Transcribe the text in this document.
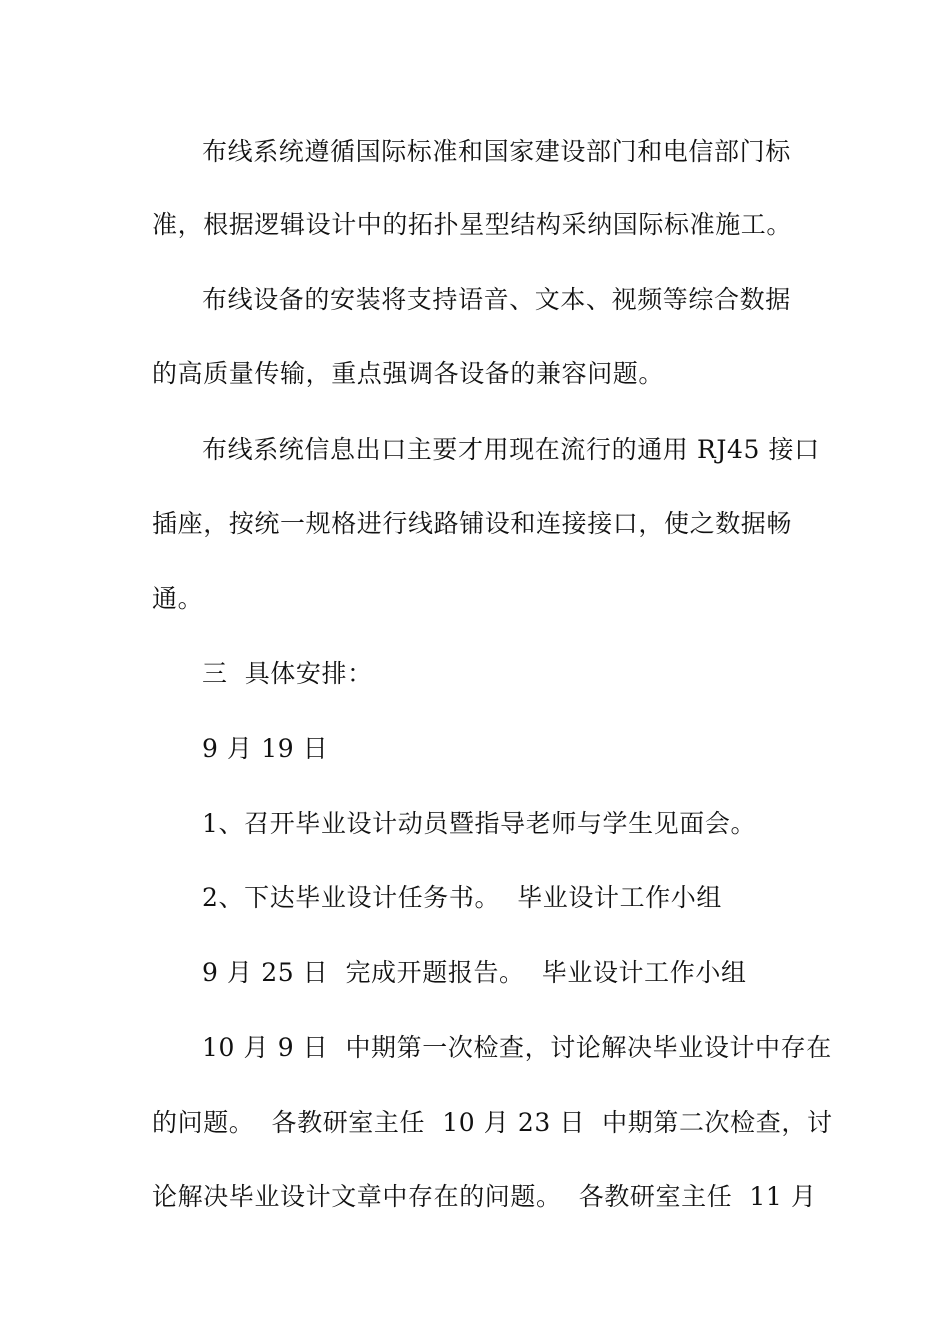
布线系统遵循国际标准和国家建设部门和电信部门标
准，根据逻辑设计中的拓扑星型结构采纳国际标准施工。
布线设备的安装将支持语音、文本、视频等综合数据
的高质量传输，重点强调各设备的兼容问题。
布线系统信息出口主要才用现在流行的通用 RJ45 接口
插座，按统一规格进行线路铺设和连接接口，使之数据畅
通。
三  具体安排：
9 月 19 日
1、召开毕业设计动员暨指导老师与学生见面会。
2、下达毕业设计任务书。  毕业设计工作小组
9 月 25 日  完成开题报告。  毕业设计工作小组
10 月 9 日  中期第一次检查，讨论解决毕业设计中存在
的问题。  各教研室主任  10 月 23 日  中期第二次检查，讨
论解决毕业设计文章中存在的问题。  各教研室主任  11 月
